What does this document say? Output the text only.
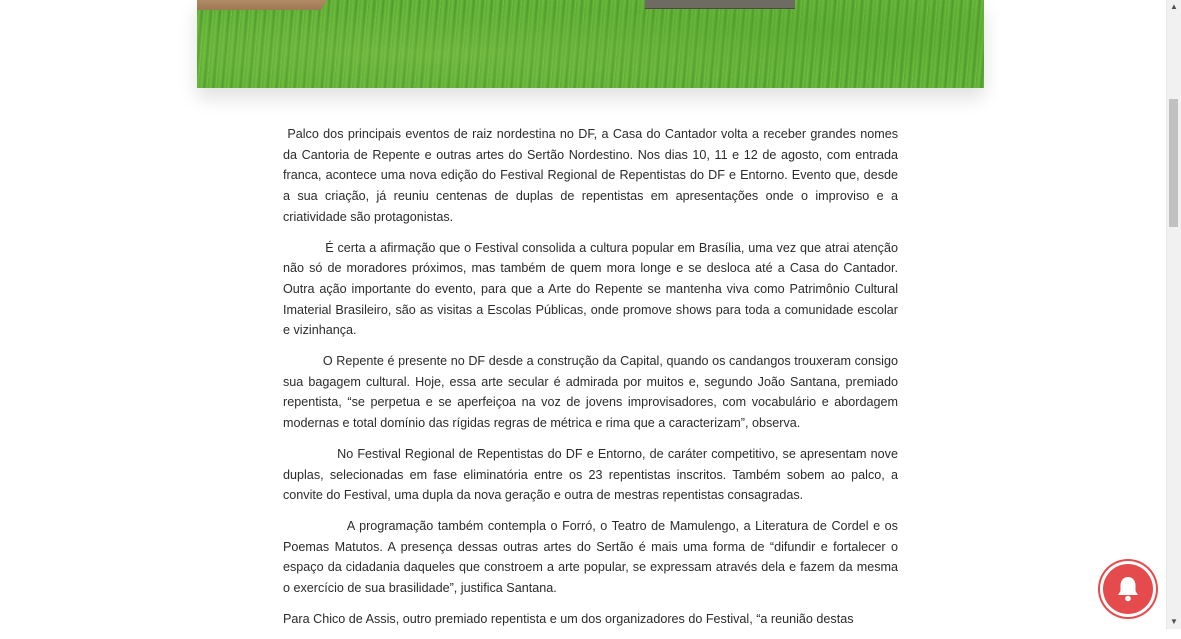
Palco dos principais eventos de raiz nordestina no DF, a Casa do Cantador volta a receber grandes nomes da Cantoria de Repente e outras artes do Sertão Nordestino. Nos dias 10, 11 e 12 de agosto, com entrada franca, acontece uma nova edição do Festival Regional de Repentistas do DF e Entorno. Evento que, desde a sua criação, já reuniu centenas de duplas de repentistas em apresentações onde o improviso e a criatividade são protagonistas.

É certa a afirmação que o Festival consolida a cultura popular em Brasília, uma vez que atrai atenção não só de moradores próximos, mas também de quem mora longe e se desloca até a Casa do Cantador. Outra ação importante do evento, para que a Arte do Repente se mantenha viva como Patrimônio Cultural Imaterial Brasileiro, são as visitas a Escolas Públicas, onde promove shows para toda a comunidade escolar e vizinhança.

O Repente é presente no DF desde a construção da Capital, quando os candangos trouxeram consigo sua bagagem cultural. Hoje, essa arte secular é admirada por muitos e, segundo João Santana, premiado repentista, “se perpetua e se aperfeiçoa na voz de jovens improvisadores, com vocabulário e abordagem modernas e total domínio das rígidas regras de métrica e rima que a caracterizam”, observa.

No Festival Regional de Repentistas do DF e Entorno, de caráter competitivo, se apresentam nove duplas, selecionadas em fase eliminatória entre os 23 repentistas inscritos. Também sobem ao palco, a convite do Festival, uma dupla da nova geração e outra de mestras repentistas consagradas.

A programação também contempla o Forró, o Teatro de Mamulengo, a Literatura de Cordel e os Poemas Matutos. A presença dessas outras artes do Sertão é mais uma forma de “difundir e fortalecer o espaço da cidadania daqueles que constroem a arte popular, se expressam através dela e fazem da mesma o exercício de sua brasilidade”, justifica Santana.

Para Chico de Assis, outro premiado repentista e um dos organizadores do Festival, “a reunião destas

▲
▼
